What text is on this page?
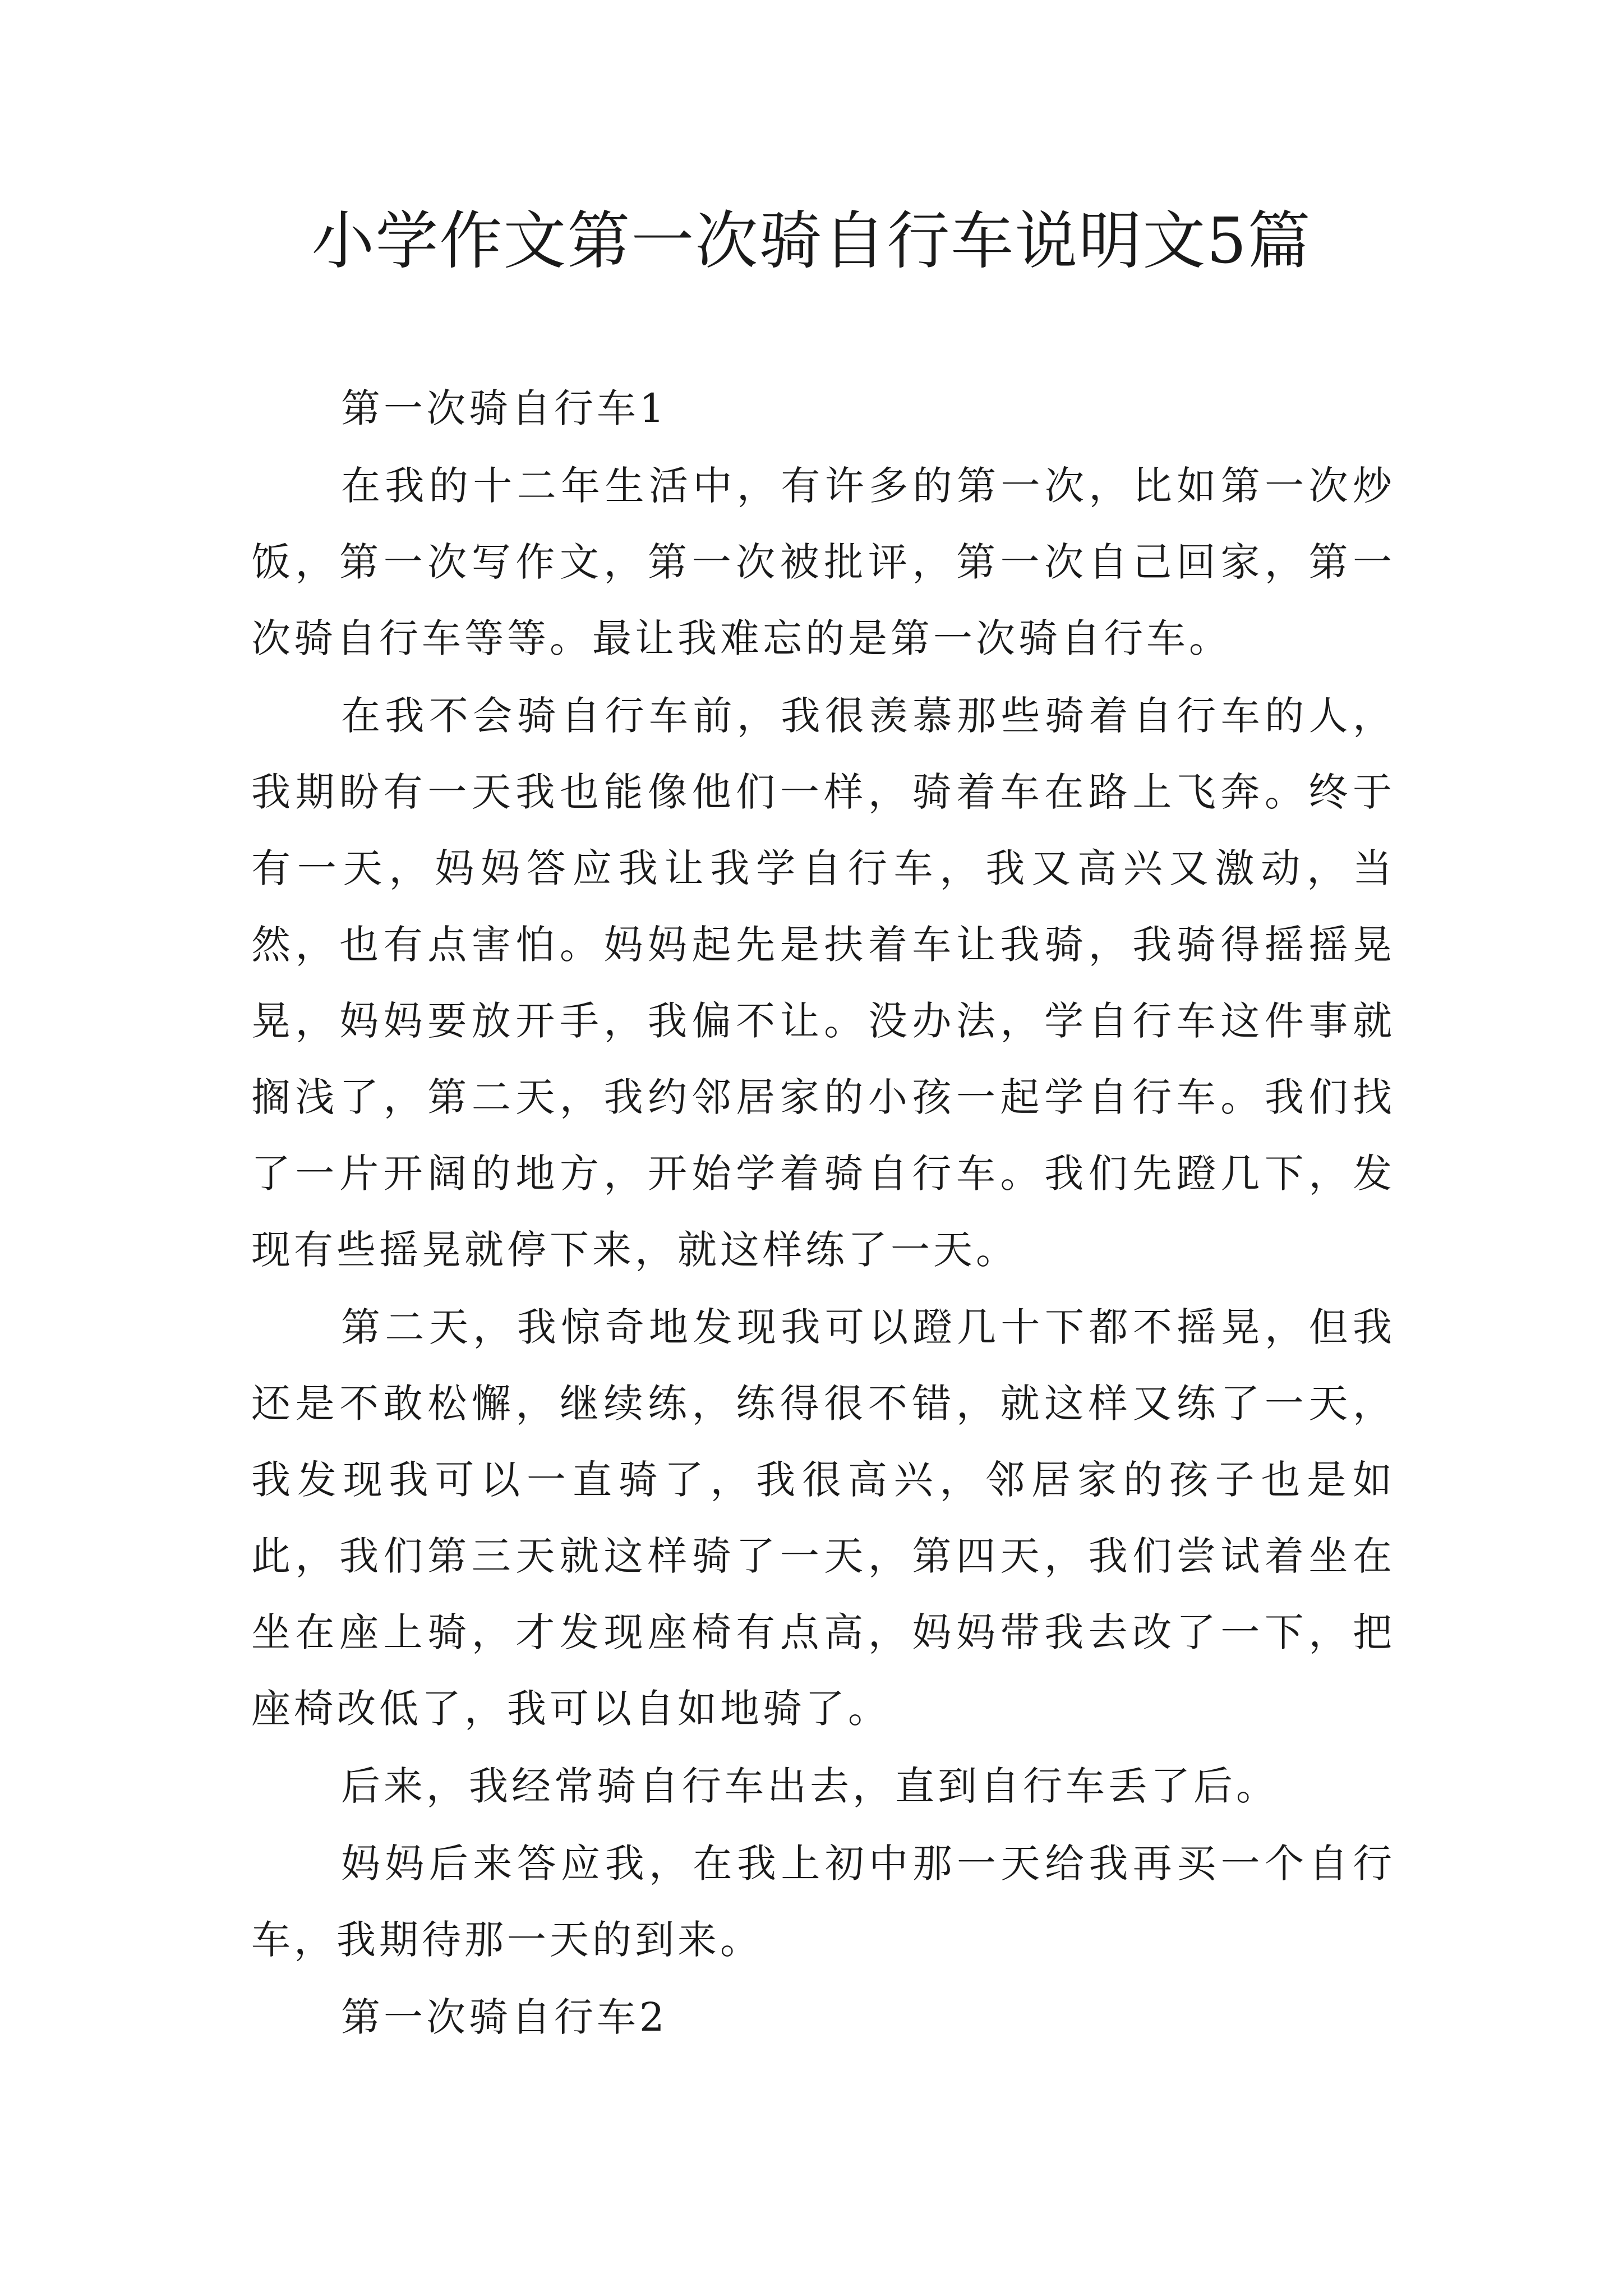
小学作文第一次骑自行车说明文5篇

第一次骑自行车1

在我的十二年生活中，有许多的第一次，比如第一次炒饭，第一次写作文，第一次被批评，第一次自己回家，第一次骑自行车等等。最让我难忘的是第一次骑自行车。

在我不会骑自行车前，我很羡慕那些骑着自行车的人，我期盼有一天我也能像他们一样，骑着车在路上飞奔。终于有一天，妈妈答应我让我学自行车，我又高兴又激动，当然，也有点害怕。妈妈起先是扶着车让我骑，我骑得摇摇晃晃，妈妈要放开手，我偏不让。没办法，学自行车这件事就搁浅了，第二天，我约邻居家的小孩一起学自行车。我们找了一片开阔的地方，开始学着骑自行车。我们先蹬几下，发现有些摇晃就停下来，就这样练了一天。

第二天，我惊奇地发现我可以蹬几十下都不摇晃，但我还是不敢松懈，继续练，练得很不错，就这样又练了一天，我发现我可以一直骑了，我很高兴，邻居家的孩子也是如此，我们第三天就这样骑了一天，第四天，我们尝试着坐在坐在座上骑，才发现座椅有点高，妈妈带我去改了一下，把座椅改低了，我可以自如地骑了。

后来，我经常骑自行车出去，直到自行车丢了后。

妈妈后来答应我，在我上初中那一天给我再买一个自行车，我期待那一天的到来。

第一次骑自行车2
